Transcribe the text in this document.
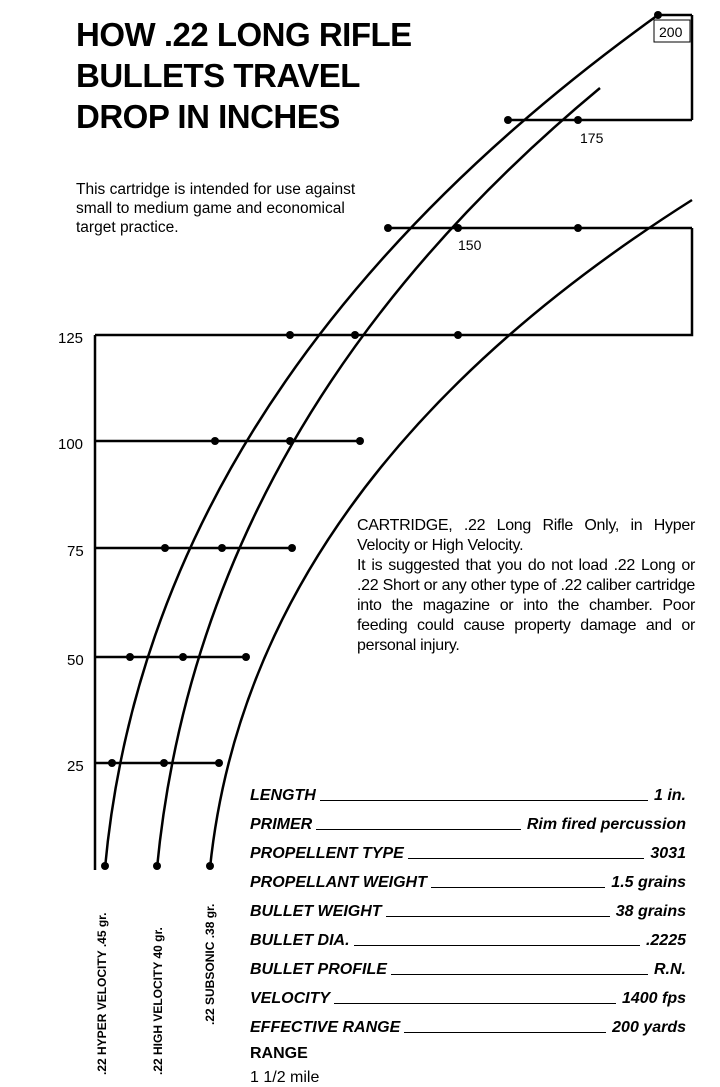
125
100
75
50
25
150
175
200
.22 HYPER VELOCITY .45 gr.	.22 HIGH VELOCITY 40 gr.	.22 SUBSONIC .38 gr.
HOW .22 LONG RIFLE
BULLETS TRAVEL
DROP IN INCHES
This cartridge is intended for use against small to medium game and economical target practice.
CARTRIDGE, .22 Long Rifle Only, in Hyper Velocity or High Velocity.
It is suggested that you do not load .22 Long or .22 Short or any other type of .22 caliber cartridge into the magazine or into the chamber. Poor feeding could cause property damage and or personal injury.
LENGTH	1 in.
PRIMER	Rim fired percussion
PROPELLENT TYPE	3031
PROPELLANT WEIGHT	1.5 grains
BULLET WEIGHT	38 grains
BULLET DIA.	.2225
BULLET PROFILE	R.N.
VELOCITY	1400 fps
EFFECTIVE RANGE	200 yards
RANGE
1 1/2 mile
